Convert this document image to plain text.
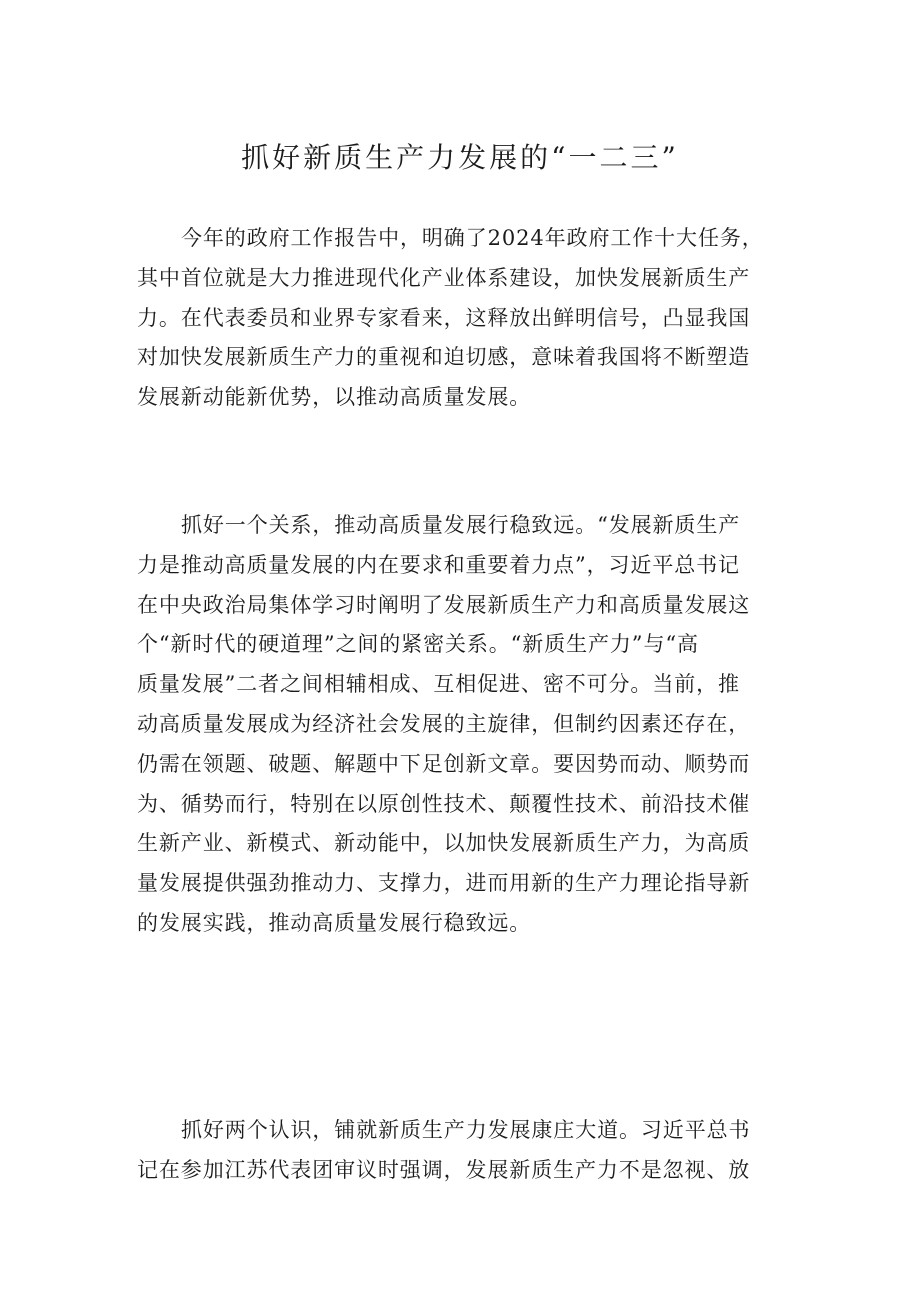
抓好新质生产力发展的“一二三”
今年的政府工作报告中，明确了2024年政府工作十大任务，
其中首位就是大力推进现代化产业体系建设，加快发展新质生产
力。在代表委员和业界专家看来，这释放出鲜明信号，凸显我国
对加快发展新质生产力的重视和迫切感，意味着我国将不断塑造
发展新动能新优势，以推动高质量发展。
抓好一个关系，推动高质量发展行稳致远。“发展新质生产
力是推动高质量发展的内在要求和重要着力点”，习近平总书记
在中央政治局集体学习时阐明了发展新质生产力和高质量发展这
个“新时代的硬道理”之间的紧密关系。“新质生产力”与“高
质量发展”二者之间相辅相成、互相促进、密不可分。当前，推
动高质量发展成为经济社会发展的主旋律，但制约因素还存在，
仍需在领题、破题、解题中下足创新文章。要因势而动、顺势而
为、循势而行，特别在以原创性技术、颠覆性技术、前沿技术催
生新产业、新模式、新动能中，以加快发展新质生产力，为高质
量发展提供强劲推动力、支撑力，进而用新的生产力理论指导新
的发展实践，推动高质量发展行稳致远。
抓好两个认识，铺就新质生产力发展康庄大道。习近平总书
记在参加江苏代表团审议时强调，发展新质生产力不是忽视、放
